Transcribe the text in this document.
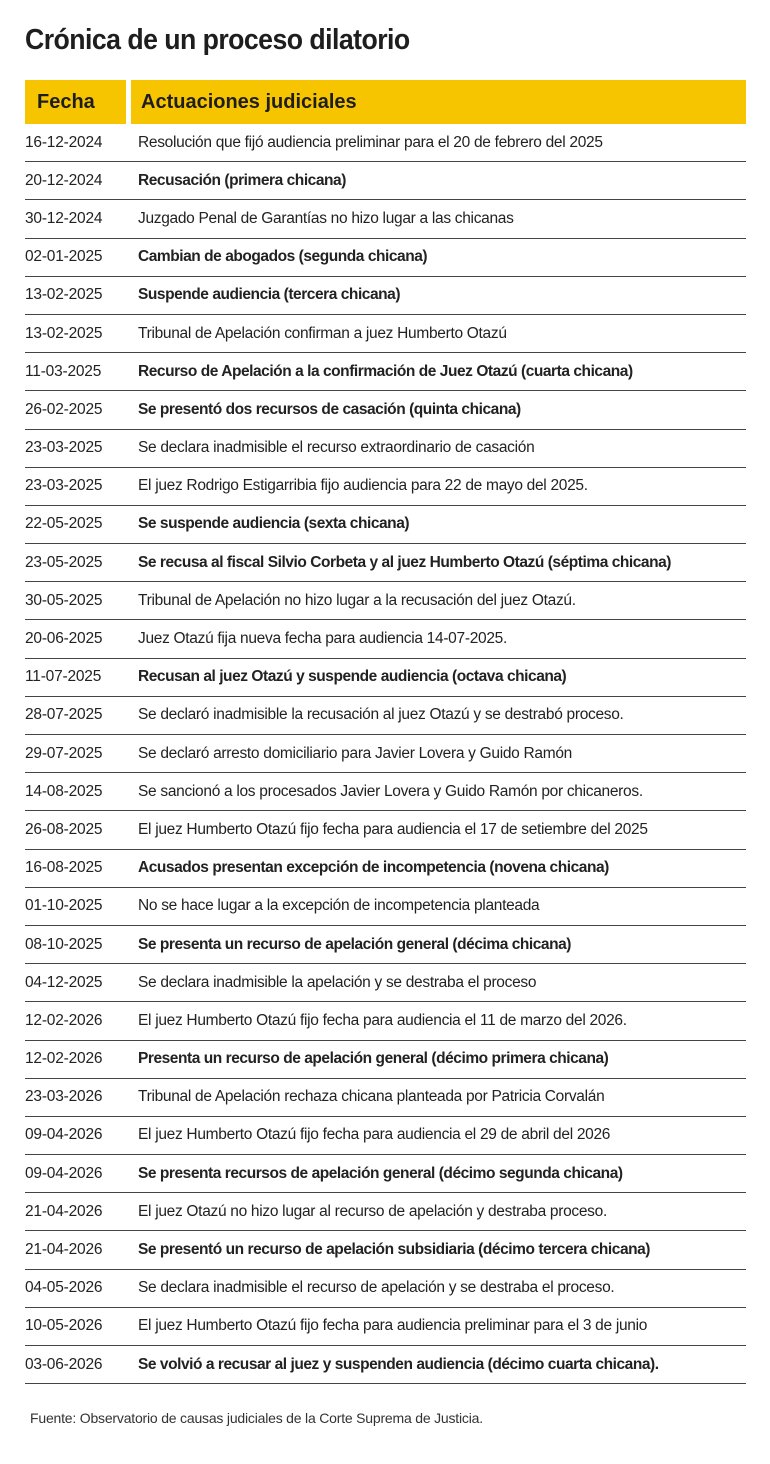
Crónica de un proceso dilatorio
Fecha	Actuaciones judiciales
16-12-2024	Resolución que fijó audiencia preliminar para el 20 de febrero del 2025
20-12-2024	Recusación (primera chicana)
30-12-2024	Juzgado Penal de Garantías no hizo lugar a las chicanas
02-01-2025	Cambian de abogados (segunda chicana)
13-02-2025	Suspende audiencia (tercera chicana)
13-02-2025	Tribunal de Apelación confirman a juez Humberto Otazú
11-03-2025	Recurso de Apelación a la confirmación de Juez Otazú (cuarta chicana)
26-02-2025	Se presentó dos recursos de casación (quinta chicana)
23-03-2025	Se declara inadmisible el recurso extraordinario de casación
23-03-2025	El juez Rodrigo Estigarribia fijo audiencia para 22 de mayo del 2025.
22-05-2025	Se suspende audiencia (sexta chicana)
23-05-2025	Se recusa al fiscal Silvio Corbeta y al juez Humberto Otazú (séptima chicana)
30-05-2025	Tribunal de Apelación no hizo lugar a la recusación del juez Otazú.
20-06-2025	Juez Otazú fija nueva fecha para audiencia 14-07-2025.
11-07-2025	Recusan al juez Otazú y suspende audiencia (octava chicana)
28-07-2025	Se declaró inadmisible la recusación al juez Otazú y se destrabó proceso.
29-07-2025	Se declaró arresto domiciliario para Javier Lovera y Guido Ramón
14-08-2025	Se sancionó a los procesados Javier Lovera y Guido Ramón por chicaneros.
26-08-2025	El juez Humberto Otazú fijo fecha para audiencia el 17 de setiembre del 2025
16-08-2025	Acusados presentan excepción de incompetencia (novena chicana)
01-10-2025	No se hace lugar a la excepción de incompetencia planteada
08-10-2025	Se presenta un recurso de apelación general (décima chicana)
04-12-2025	Se declara inadmisible la apelación y se destraba el proceso
12-02-2026	El juez Humberto Otazú fijo fecha para audiencia el 11 de marzo del 2026.
12-02-2026	Presenta un recurso de apelación general (décimo primera chicana)
23-03-2026	Tribunal de Apelación rechaza chicana planteada por Patricia Corvalán
09-04-2026	El juez Humberto Otazú fijo fecha para audiencia el 29 de abril del 2026
09-04-2026	Se presenta recursos de apelación general (décimo segunda chicana)
21-04-2026	El juez Otazú no hizo lugar al recurso de apelación y destraba proceso.
21-04-2026	Se presentó un recurso de apelación subsidiaria (décimo tercera chicana)
04-05-2026	Se declara inadmisible el recurso de apelación y se destraba el proceso.
10-05-2026	El juez Humberto Otazú fijo fecha para audiencia preliminar para el 3 de junio
03-06-2026	Se volvió a recusar al juez y suspenden audiencia (décimo cuarta chicana).
Fuente: Observatorio de causas judiciales de la Corte Suprema de Justicia.
